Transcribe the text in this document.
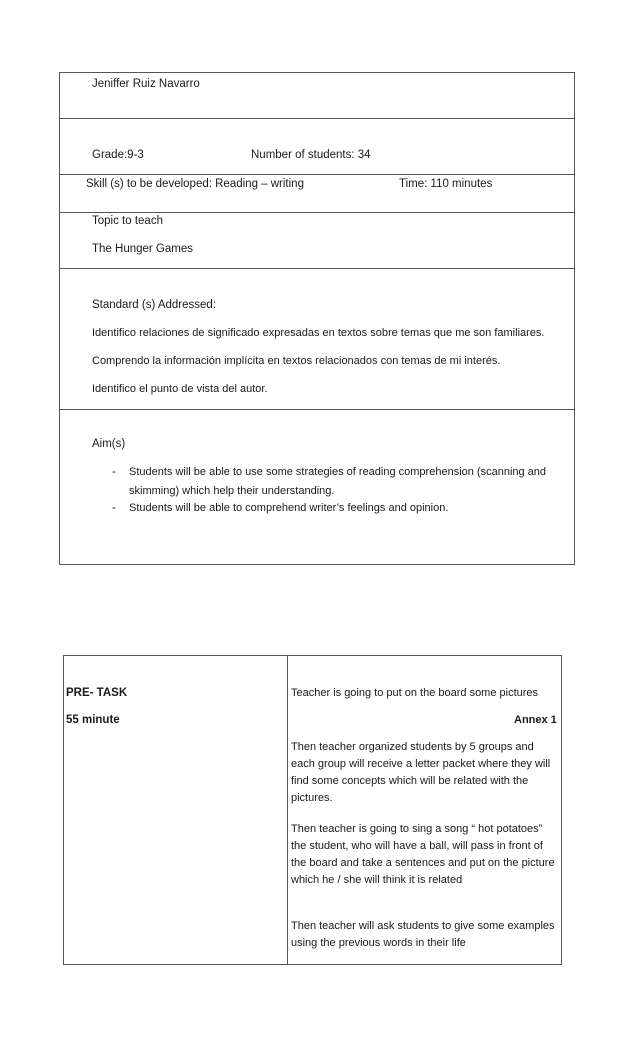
Jeniffer Ruiz Navarro
Grade:9-3	Number of students: 34
Skill (s) to be developed: Reading – writing	Time: 110 minutes
Topic to teach
The Hunger Games
Standard (s) Addressed:
Identifico relaciones de significado expresadas en textos sobre temas que me son familiares.
Comprendo la información implícita en textos relacionados con temas de mi interés.
Identifico el punto de vista del autor.
Aim(s)
- Students will be able to use some strategies of reading comprehension (scanning and
skimming) which help their understanding.
- Students will be able to comprehend writer’s feelings and opinion.
PRE- TASK
55 minute
Teacher is going to put on the board some pictures
Annex 1
Then teacher organized students by 5 groups and each group will receive a letter packet where they will find some concepts which will be related with the pictures.
Then teacher is going to sing a song “ hot potatoes” the student, who will have a ball, will pass in front of the board and take a sentences and put on the picture which he / she will think it is related
Then teacher will ask students to give some examples using the previous words in their life
